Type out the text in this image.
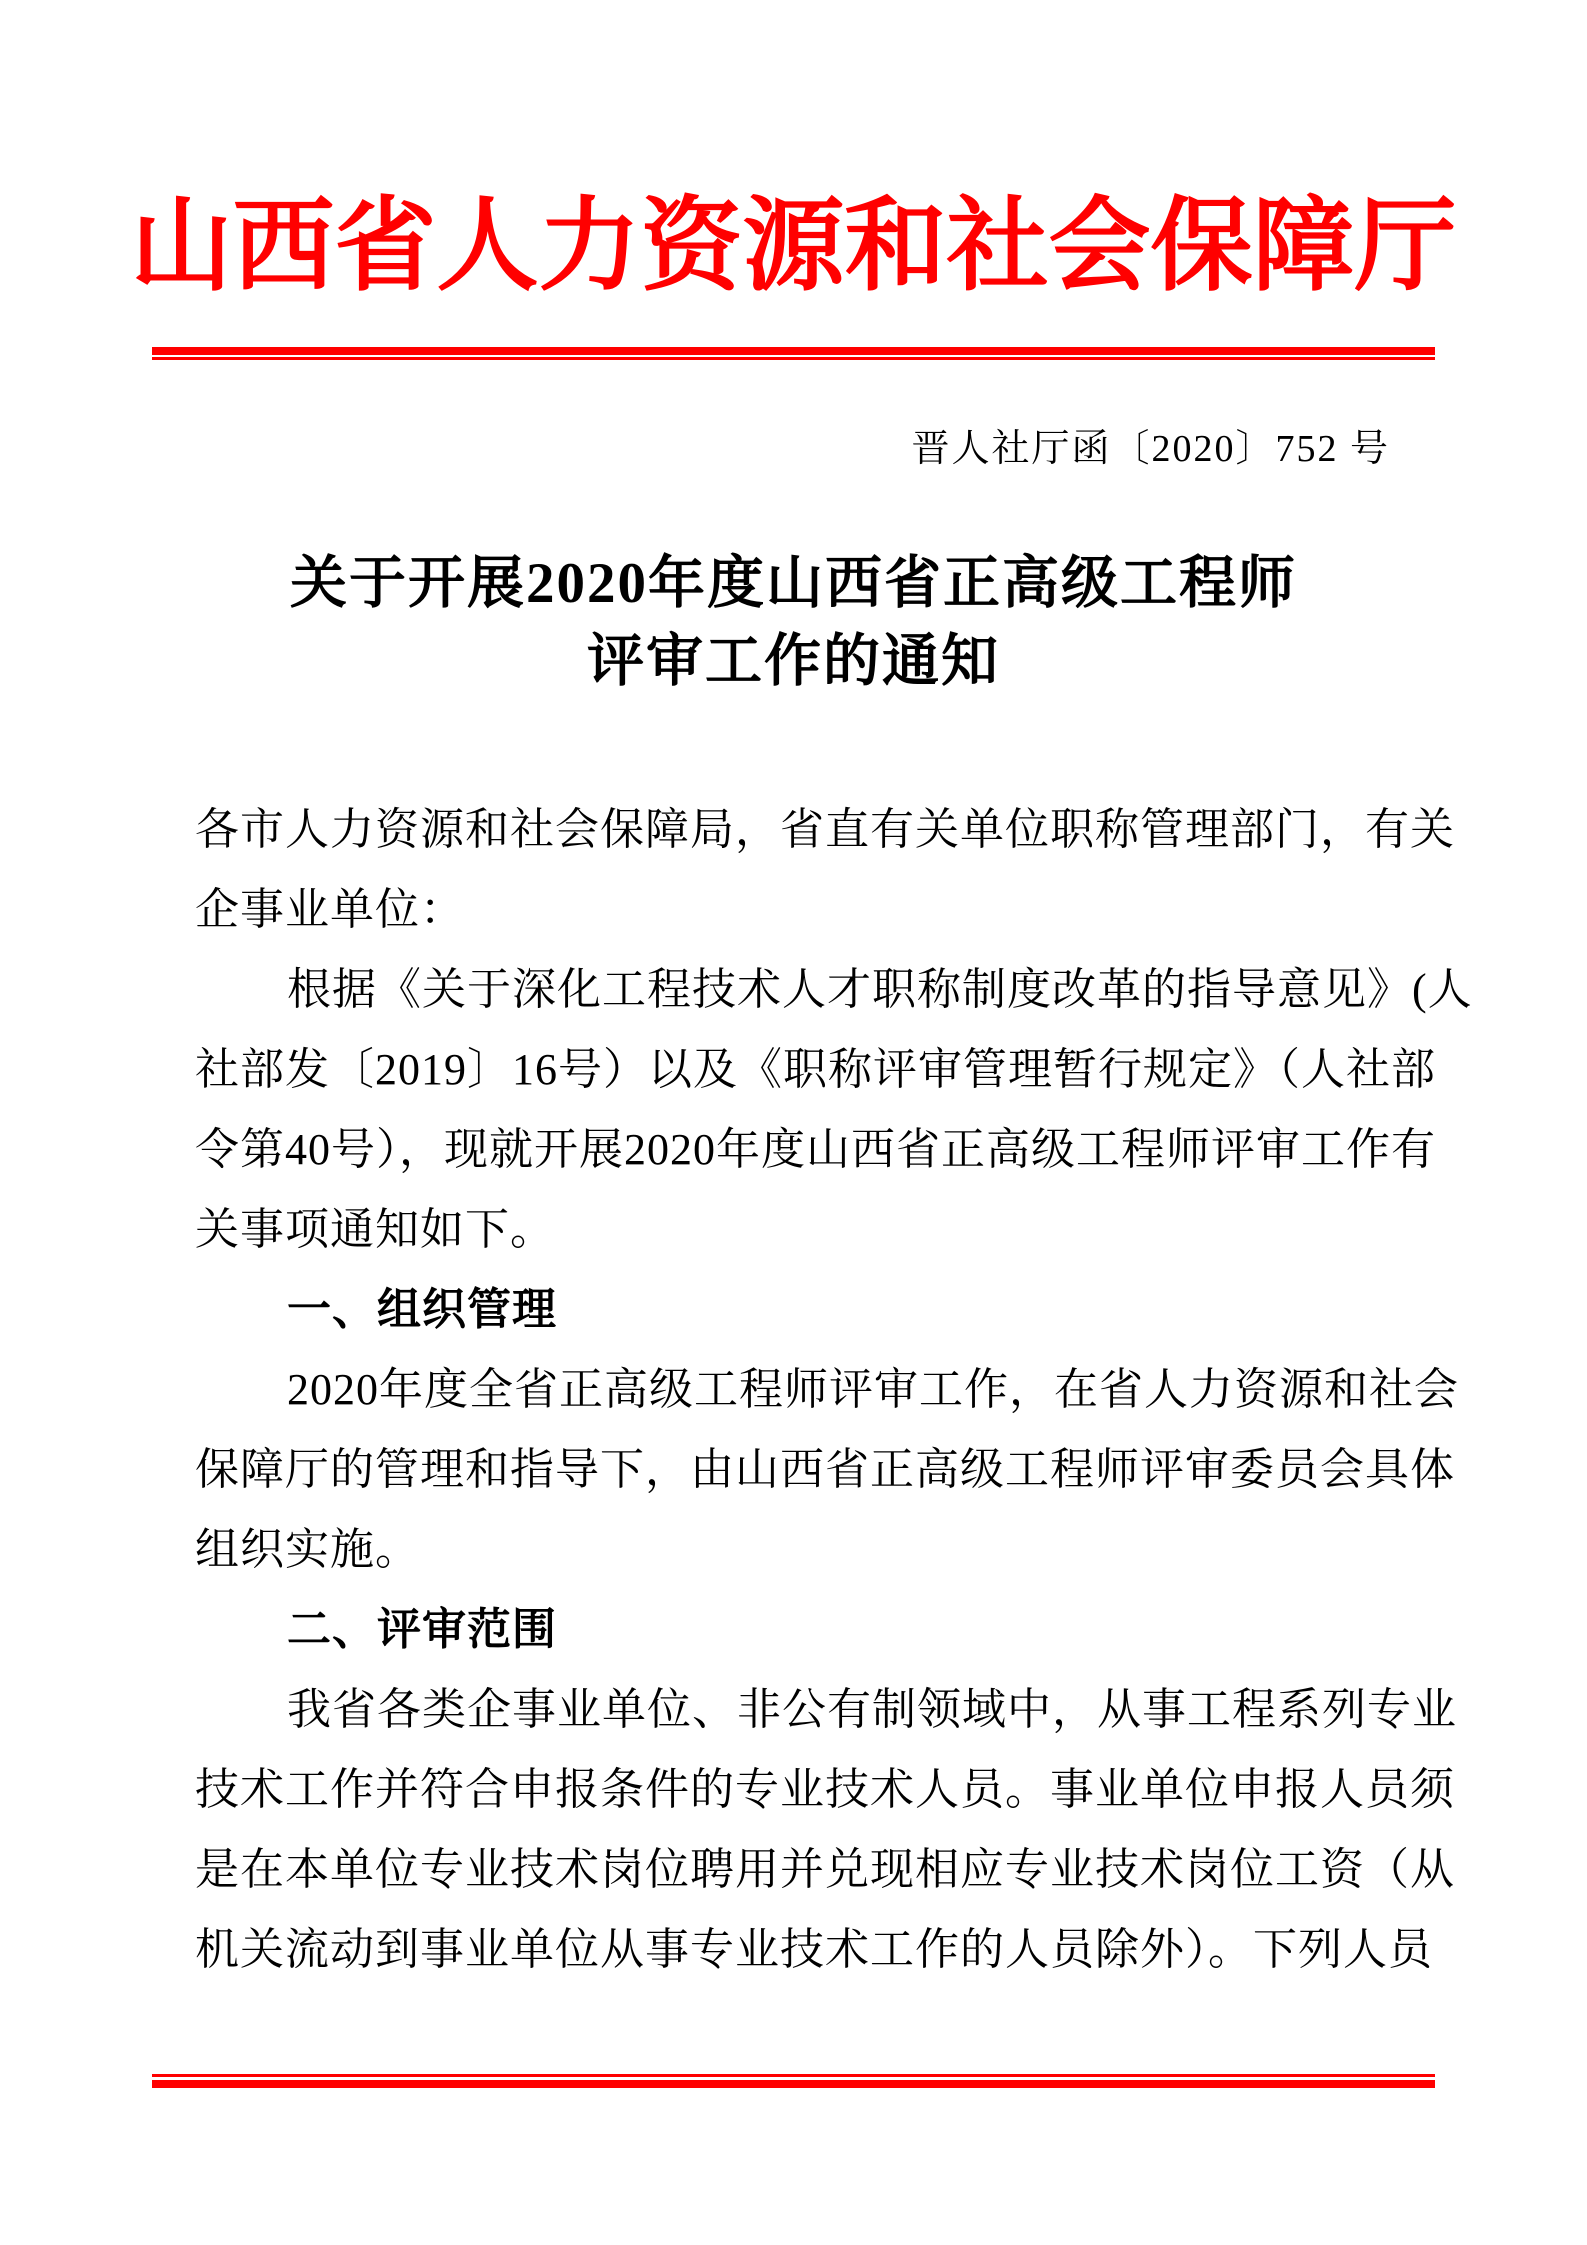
山西省人力资源和社会保障厅
晋人社厅函〔2020〕752 号
关于开展2020年度山西省正高级工程师
评审工作的通知
各市人力资源和社会保障局，省直有关单位职称管理部门，有关
企事业单位：
根据《关于深化工程技术人才职称制度改革的指导意见》(人
社部发〔2019〕16号）以及《职称评审管理暂行规定》（人社部
令第40号），现就开展2020年度山西省正高级工程师评审工作有
关事项通知如下。
一、组织管理
2020年度全省正高级工程师评审工作，在省人力资源和社会
保障厅的管理和指导下，由山西省正高级工程师评审委员会具体
组织实施。
二、评审范围
我省各类企事业单位、非公有制领域中，从事工程系列专业
技术工作并符合申报条件的专业技术人员。事业单位申报人员须
是在本单位专业技术岗位聘用并兑现相应专业技术岗位工资（从
机关流动到事业单位从事专业技术工作的人员除外）。下列人员
